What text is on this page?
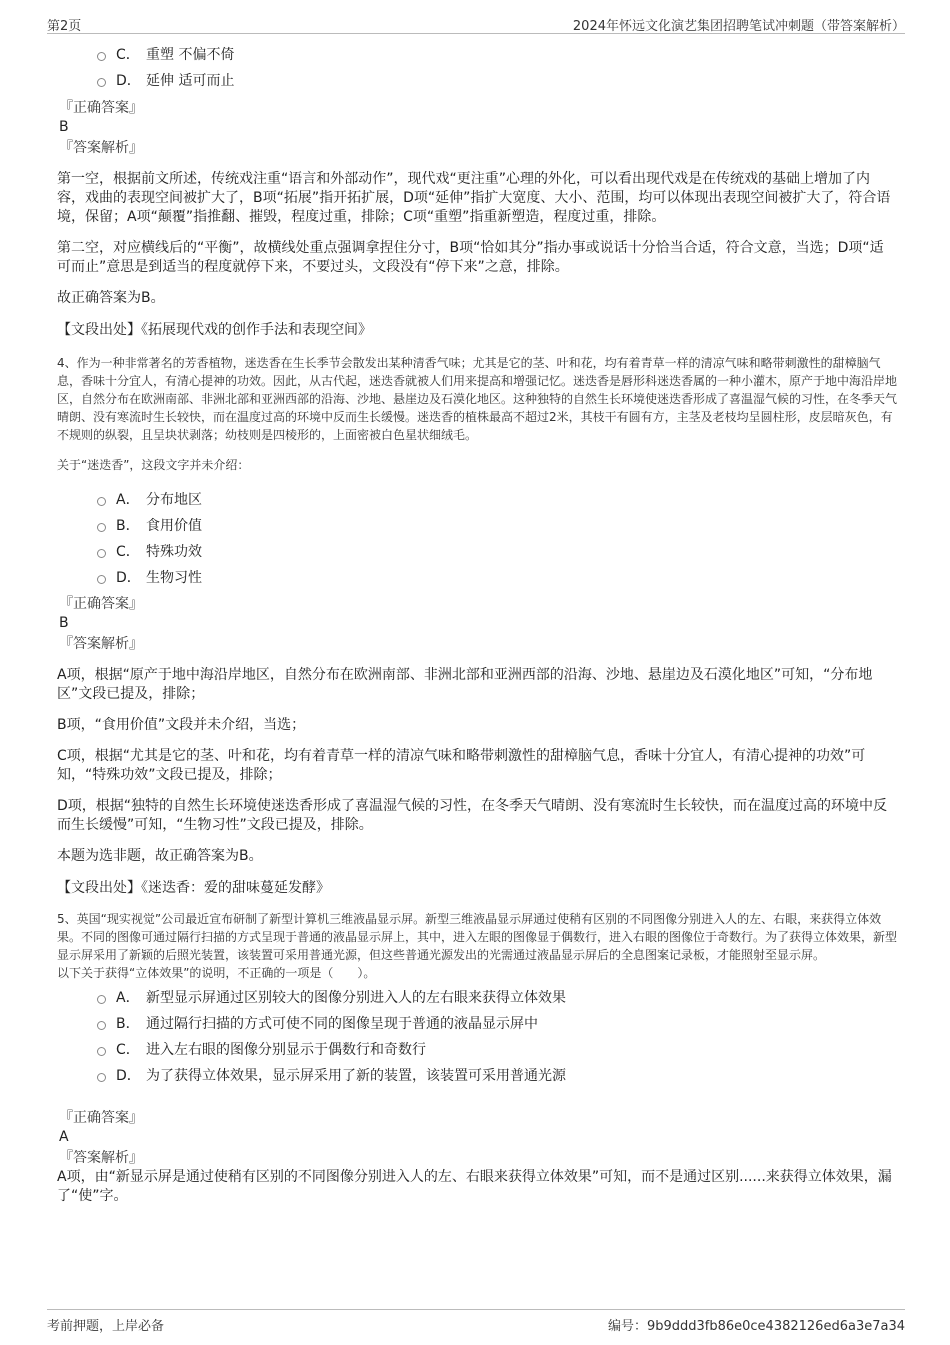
第2页	2024年怀远文化演艺集团招聘笔试冲刺题（带答案解析）
C． 重塑 不偏不倚
D． 延伸 适可而止
『正确答案』
B
『答案解析』

第一空，根据前文所述，传统戏注重“语言和外部动作”，现代戏“更注重”心理的外化，可以看出现代戏是在传统戏的基础上增加了内容，戏曲的表现空间被扩大了，B项“拓展”指开拓扩展，D项“延伸”指扩大宽度、大小、范围，均可以体现出表现空间被扩大了，符合语境，保留；A项“颠覆”指推翻、摧毁，程度过重，排除；C项“重塑”指重新塑造，程度过重，排除。

第二空，对应横线后的“平衡”，故横线处重点强调拿捏住分寸，B项“恰如其分”指办事或说话十分恰当合适，符合文意，当选；D项“适可而止”意思是到适当的程度就停下来，不要过头，文段没有“停下来”之意，排除。

故正确答案为B。

【文段出处】《拓展现代戏的创作手法和表现空间》

4、作为一种非常著名的芳香植物，迷迭香在生长季节会散发出某种清香气味；尤其是它的茎、叶和花，均有着青草一样的清凉气味和略带刺激性的甜樟脑气息，香味十分宜人，有清心提神的功效。因此，从古代起，迷迭香就被人们用来提高和增强记忆。迷迭香是唇形科迷迭香属的一种小灌木，原产于地中海沿岸地区，自然分布在欧洲南部、非洲北部和亚洲西部的沿海、沙地、悬崖边及石漠化地区。这种独特的自然生长环境使迷迭香形成了喜温湿气候的习性，在冬季天气晴朗、没有寒流时生长较快，而在温度过高的环境中反而生长缓慢。迷迭香的植株最高不超过2米，其枝干有圆有方，主茎及老枝均呈圆柱形，皮层暗灰色，有不规则的纵裂，且呈块状剥落；幼枝则是四棱形的，上面密被白色星状细绒毛。

关于“迷迭香”，这段文字并未介绍：

A． 分布地区
B． 食用价值
C． 特殊功效
D． 生物习性
『正确答案』
B
『答案解析』

A项，根据“原产于地中海沿岸地区，自然分布在欧洲南部、非洲北部和亚洲西部的沿海、沙地、悬崖边及石漠化地区”可知，“分布地区”文段已提及，排除；

B项，“食用价值”文段并未介绍，当选；

C项，根据“尤其是它的茎、叶和花，均有着青草一样的清凉气味和略带刺激性的甜樟脑气息，香味十分宜人，有清心提神的功效”可知，“特殊功效”文段已提及，排除；

D项，根据“独特的自然生长环境使迷迭香形成了喜温湿气候的习性，在冬季天气晴朗、没有寒流时生长较快，而在温度过高的环境中反而生长缓慢”可知，“生物习性”文段已提及，排除。

本题为选非题，故正确答案为B。

【文段出处】《迷迭香：爱的甜味蔓延发酵》

5、英国“现实视觉”公司最近宣布研制了新型计算机三维液晶显示屏。新型三维液晶显示屏通过使稍有区别的不同图像分别进入人的左、右眼，来获得立体效果。不同的图像可通过隔行扫描的方式呈现于普通的液晶显示屏上，其中，进入左眼的图像显于偶数行，进入右眼的图像位于奇数行。为了获得立体效果，新型显示屏采用了新颖的后照光装置，该装置可采用普通光源，但这些普通光源发出的光需通过液晶显示屏后的全息图案记录板，才能照射至显示屏。

以下关于获得“立体效果”的说明，不正确的一项是（　　）。

A． 新型显示屏通过区别较大的图像分别进入人的左右眼来获得立体效果
B． 通过隔行扫描的方式可使不同的图像呈现于普通的液晶显示屏中
C． 进入左右眼的图像分别显示于偶数行和奇数行
D． 为了获得立体效果，显示屏采用了新的装置，该装置可采用普通光源
『正确答案』
A
『答案解析』

A项，由“新显示屏是通过使稍有区别的不同图像分别进入人的左、右眼来获得立体效果”可知，而不是通过区别......来获得立体效果，漏了“使”字。

考前押题，上岸必备	编号：9b9ddd3fb86e0ce4382126ed6a3e7a34
